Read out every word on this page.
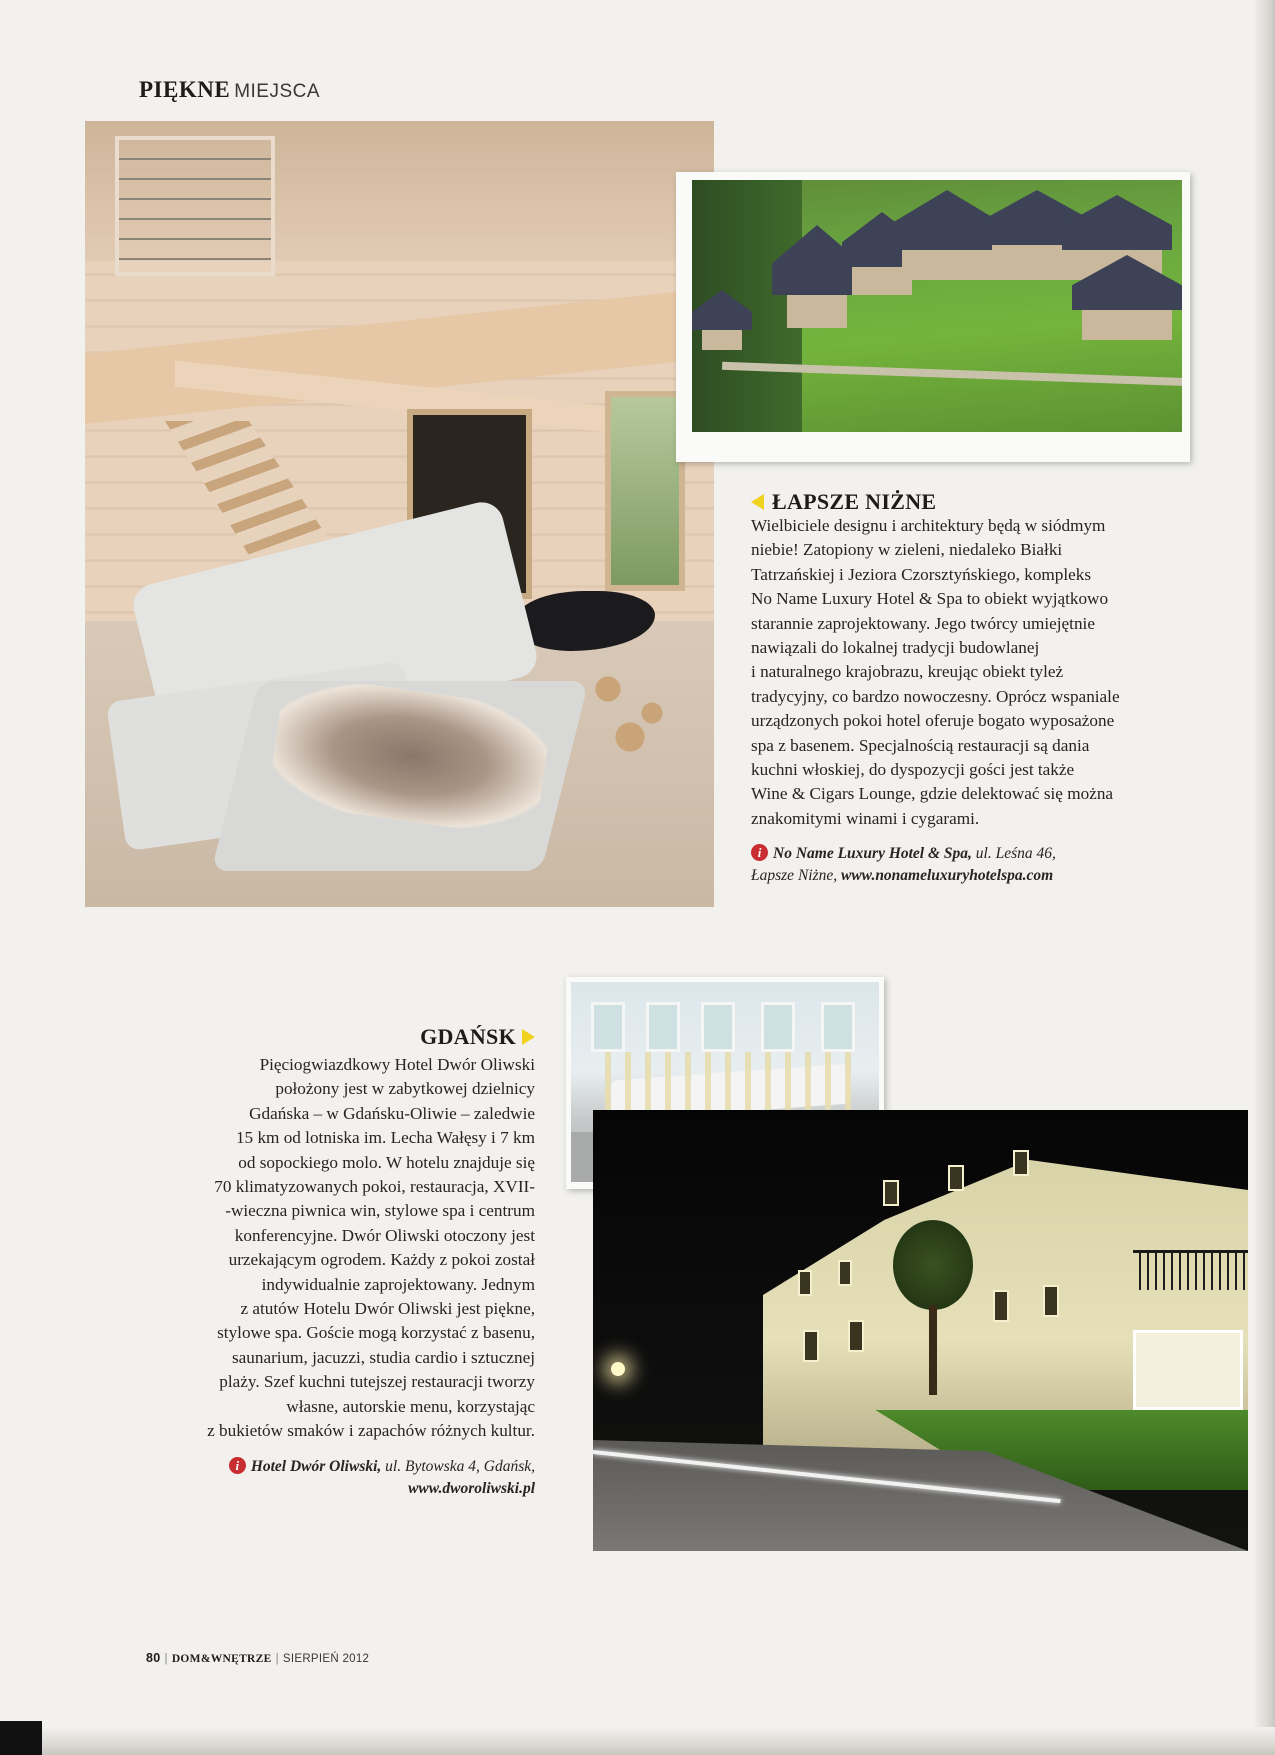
PIĘKNE MIEJSCA
ŁAPSZE NIŻNE
Wielbiciele designu i architektury będą w siódmym
niebie! Zatopiony w zieleni, niedaleko Białki
Tatrzańskiej i Jeziora Czorsztyńskiego, kompleks
No Name Luxury Hotel & Spa to obiekt wyjątkowo
starannie zaprojektowany. Jego twórcy umiejętnie
nawiązali do lokalnej tradycji budowlanej
i naturalnego krajobrazu, kreując obiekt tyleż
tradycyjny, co bardzo nowoczesny. Oprócz wspaniale
urządzonych pokoi hotel oferuje bogato wyposażone
spa z basenem. Specjalnością restauracji są dania
kuchni włoskiej, do dyspozycji gości jest także
Wine & Cigars Lounge, gdzie delektować się można
znakomitymi winami i cygarami.
i No Name Luxury Hotel & Spa, ul. Leśna 46,
Łapsze Niżne, www.nonameluxuryhotelspa.com
GDAŃSK
Pięciogwiazdkowy Hotel Dwór Oliwski
położony jest w zabytkowej dzielnicy
Gdańska – w Gdańsku-Oliwie – zaledwie
15 km od lotniska im. Lecha Wałęsy i 7 km
od sopockiego molo. W hotelu znajduje się
70 klimatyzowanych pokoi, restauracja, XVII-
-wieczna piwnica win, stylowe spa i centrum
konferencyjne. Dwór Oliwski otoczony jest
urzekającym ogrodem. Każdy z pokoi został
indywidualnie zaprojektowany. Jednym
z atutów Hotelu Dwór Oliwski jest piękne,
stylowe spa. Goście mogą korzystać z basenu,
saunarium, jacuzzi, studia cardio i sztucznej
plaży. Szef kuchni tutejszej restauracji tworzy
własne, autorskie menu, korzystając
z bukietów smaków i zapachów różnych kultur.
i Hotel Dwór Oliwski, ul. Bytowska 4, Gdańsk,
www.dworoliwski.pl
80 | DOM&WNĘTRZE | SIERPIEŃ 2012
